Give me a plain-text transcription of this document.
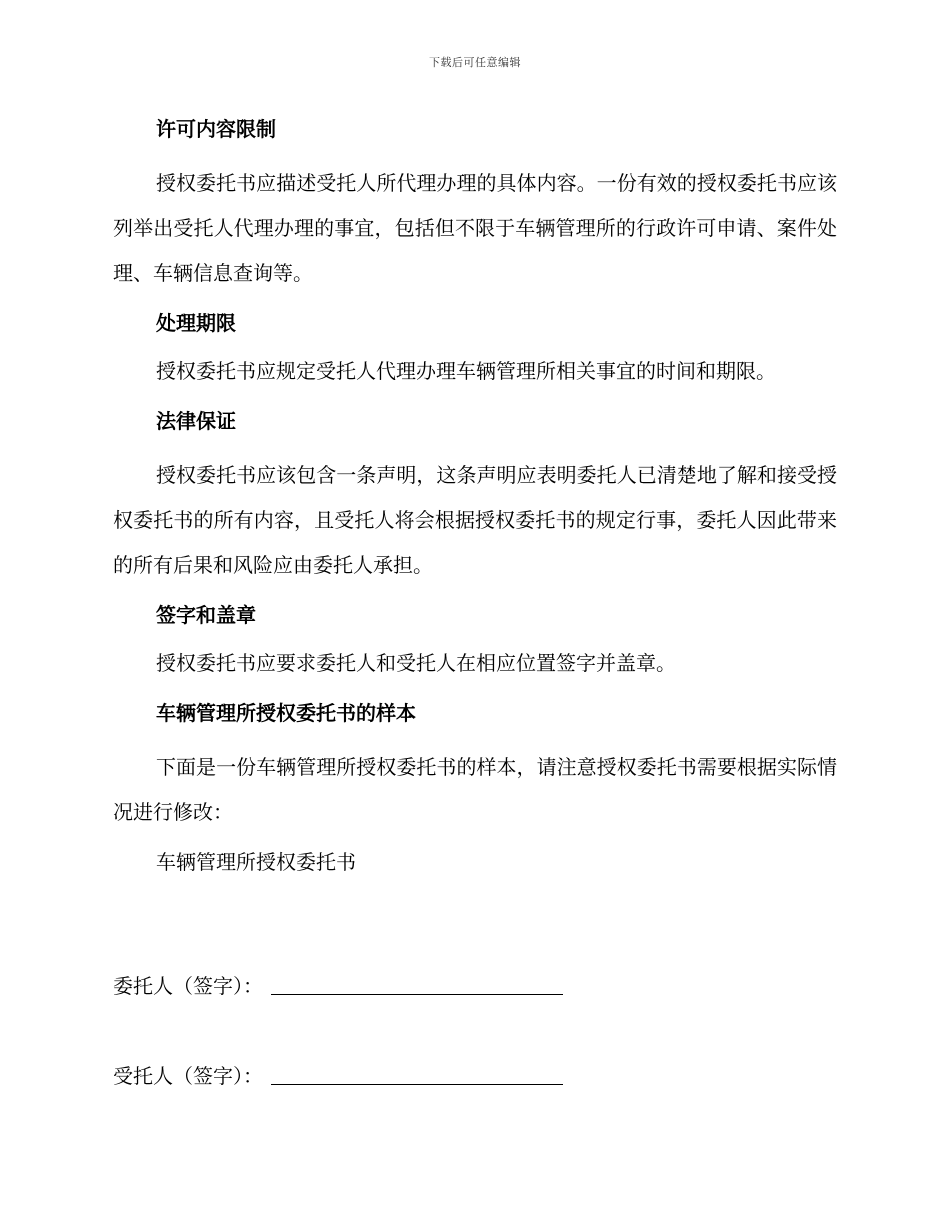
下载后可任意编辑
许可内容限制
授权委托书应描述受托人所代理办理的具体内容。一份有效的授权委托书应该列举出受托人代理办理的事宜，包括但不限于车辆管理所的行政许可申请、案件处理、车辆信息查询等。
处理期限
授权委托书应规定受托人代理办理车辆管理所相关事宜的时间和期限。
法律保证
授权委托书应该包含一条声明，这条声明应表明委托人已清楚地了解和接受授权委托书的所有内容，且受托人将会根据授权委托书的规定行事，委托人因此带来的所有后果和风险应由委托人承担。
签字和盖章
授权委托书应要求委托人和受托人在相应位置签字并盖章。
车辆管理所授权委托书的样本
下面是一份车辆管理所授权委托书的样本，请注意授权委托书需要根据实际情况进行修改：
车辆管理所授权委托书
委托人（签字）：
受托人（签字）：
